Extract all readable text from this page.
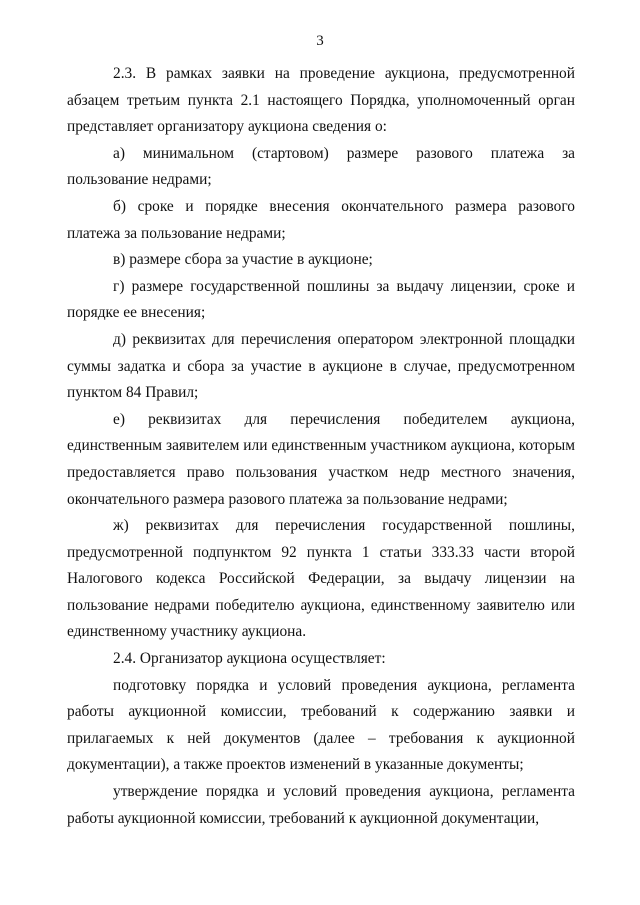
3

2.3. В рамках заявки на проведение аукциона, предусмотренной абзацем третьим пункта 2.1 настоящего Порядка, уполномоченный орган представляет организатору аукциона сведения о:

а) минимальном (стартовом) размере разового платежа за пользование недрами;

б) сроке и порядке внесения окончательного размера разового платежа за пользование недрами;

в) размере сбора за участие в аукционе;

г) размере государственной пошлины за выдачу лицензии, сроке и порядке ее внесения;

д) реквизитах для перечисления оператором электронной площадки суммы задатка и сбора за участие в аукционе в случае, предусмотренном пунктом 84 Правил;

е) реквизитах для перечисления победителем аукциона, единственным заявителем или единственным участником аукциона, которым предоставляется право пользования участком недр местного значения, окончательного размера разового платежа за пользование недрами;

ж) реквизитах для перечисления государственной пошлины, предусмотренной подпунктом 92 пункта 1 статьи 333.33 части второй Налогового кодекса Российской Федерации, за выдачу лицензии на пользование недрами победителю аукциона, единственному заявителю или единственному участнику аукциона.

2.4. Организатор аукциона осуществляет:

подготовку порядка и условий проведения аукциона, регламента работы аукционной комиссии, требований к содержанию заявки и прилагаемых к ней документов (далее – требования к аукционной документации), а также проектов изменений в указанные документы;

утверждение порядка и условий проведения аукциона, регламента работы аукционной комиссии, требований к аукционной документации,
